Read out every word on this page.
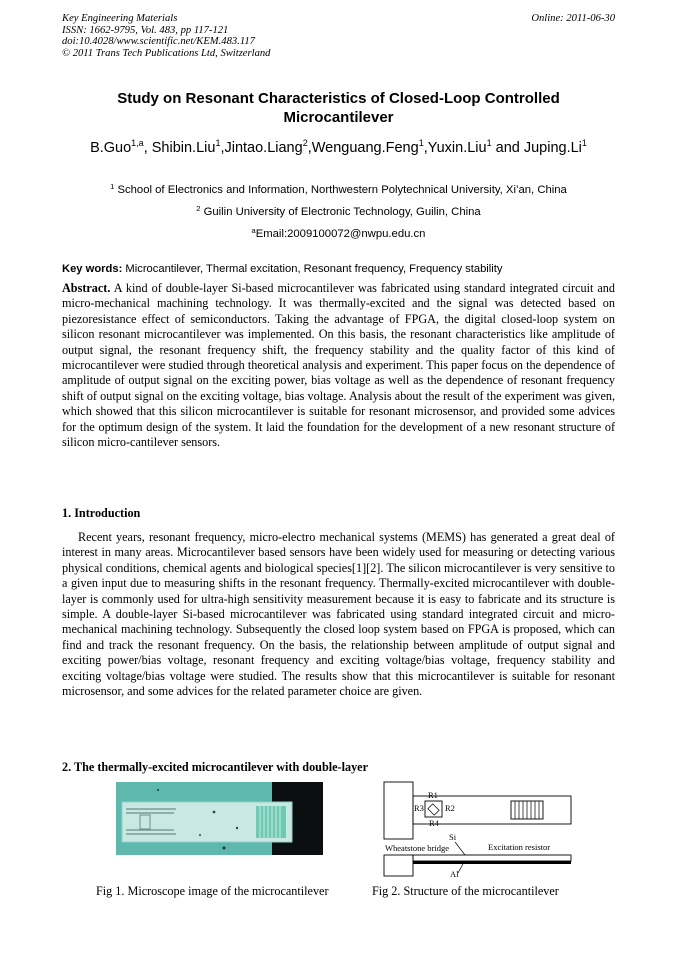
Key Engineering Materials
ISSN: 1662-9795, Vol. 483, pp 117-121
doi:10.4028/www.scientific.net/KEM.483.117
© 2011 Trans Tech Publications Ltd, Switzerland
Online: 2011-06-30
Study on Resonant Characteristics of Closed-Loop Controlled Microcantilever
B.Guo$^{1,a}$, Shibin.Liu$^1$,Jintao.Liang$^2$,Wenguang.Feng$^1$,Yuxin.Liu$^1$ and Juping.Li$^1$
$^1$ School of Electronics and Information, Northwestern Polytechnical University, Xi’an, China
$^2$ Guilin University of Electronic Technology, Guilin, China
$^a$Email:2009100072@nwpu.edu.cn
Key words: Microcantilever, Thermal excitation, Resonant frequency, Frequency stability
Abstract. A kind of double-layer Si-based microcantilever was fabricated using standard integrated circuit and micro-mechanical machining technology. It was thermally-excited and the signal was detected based on piezoresistance effect of semiconductors. Taking the advantage of FPGA, the digital closed-loop system on silicon resonant microcantilever was implemented. On this basis, the resonant characteristics like amplitude of output signal, the resonant frequency shift, the frequency stability and the quality factor of this kind of microcantilever were studied through theoretical analysis and experiment. This paper focus on the dependence of amplitude of output signal on the exciting power, bias voltage as well as the dependence of resonant frequency shift of output signal on the exciting voltage, bias voltage. Analysis about the result of the experiment was given, which showed that this silicon microcantilever is suitable for resonant microsensor, and provided some advices for the optimum design of the system. It laid the foundation for the development of a new resonant structure of silicon micro-cantilever sensors.
1. Introduction
Recent years, resonant frequency, micro-electro mechanical systems (MEMS) has generated a great deal of interest in many areas. Microcantilever based sensors have been widely used for measuring or detecting various physical conditions, chemical agents and biological species[1][2]. The silicon microcantilever is very sensitive to a given input due to measuring shifts in the resonant frequency. Thermally-excited microcantilever with double-layer is commonly used for ultra-high sensitivity measurement because it is easy to fabricate and its structure is simple. A double-layer Si-based microcantilever was fabricated using standard integrated circuit and micro-mechanical machining technology. Subsequently the closed loop system based on FPGA is proposed, which can find and track the resonant frequency. On the basis, the relationship between amplitude of output signal and exciting power/bias voltage, resonant frequency and exciting voltage/bias voltage, frequency stability and exciting voltage/bias voltage were studied. The results show that this microcantilever is suitable for resonant microsensor, and some advices for the related parameter choice are given.
2. The thermally-excited microcantilever with double-layer
R1
R2
R3
R4
Si
Wheatstone bridge	Excitation resistor
Al
Fig 1. Microscope image of the microcantilever	Fig 2. Structure of the microcantilever
